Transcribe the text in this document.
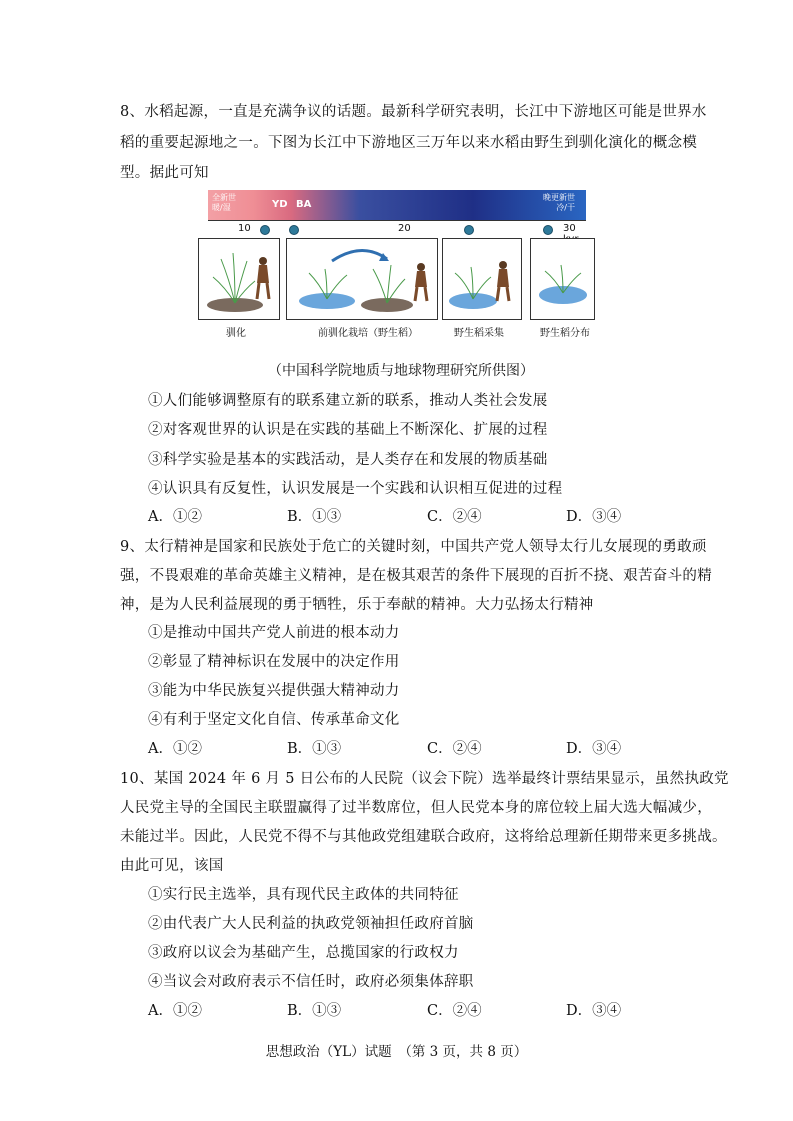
8、水稻起源，一直是充满争议的话题。最新科学研究表明，长江中下游地区可能是世界水
稻的重要起源地之一。下图为长江中下游地区三万年以来水稻由野生到驯化演化的概念模
型。据此可知
全新世
暖/湿	YD BA
晚更新世
冷/干
10	20	30
驯化	前驯化栽培（野生稻）	野生稻采集	野生稻分布
（中国科学院地质与地球物理研究所供图）
①人们能够调整原有的联系建立新的联系，推动人类社会发展
②对客观世界的认识是在实践的基础上不断深化、扩展的过程
③科学实验是基本的实践活动，是人类存在和发展的物质基础
④认识具有反复性，认识发展是一个实践和认识相互促进的过程
A．①②	B．①③	C．②④	D．③④
9、太行精神是国家和民族处于危亡的关键时刻，中国共产党人领导太行儿女展现的勇敢顽
强，不畏艰难的革命英雄主义精神，是在极其艰苦的条件下展现的百折不挠、艰苦奋斗的精
神，是为人民利益展现的勇于牺牲，乐于奉献的精神。大力弘扬太行精神
①是推动中国共产党人前进的根本动力
②彰显了精神标识在发展中的决定作用
③能为中华民族复兴提供强大精神动力
④有利于坚定文化自信、传承革命文化
A．①②	B．①③	C．②④	D．③④
10、某国 2024 年 6 月 5 日公布的人民院（议会下院）选举最终计票结果显示，虽然执政党
人民党主导的全国民主联盟赢得了过半数席位，但人民党本身的席位较上届大选大幅减少，
未能过半。因此，人民党不得不与其他政党组建联合政府，这将给总理新任期带来更多挑战。
由此可见，该国
①实行民主选举，具有现代民主政体的共同特征
②由代表广大人民利益的执政党领袖担任政府首脑
③政府以议会为基础产生，总揽国家的行政权力
④当议会对政府表示不信任时，政府必须集体辞职
A．①②	B．①③	C．②④	D．③④
思想政治（YL）试题　（第 3 页，共 8 页）
